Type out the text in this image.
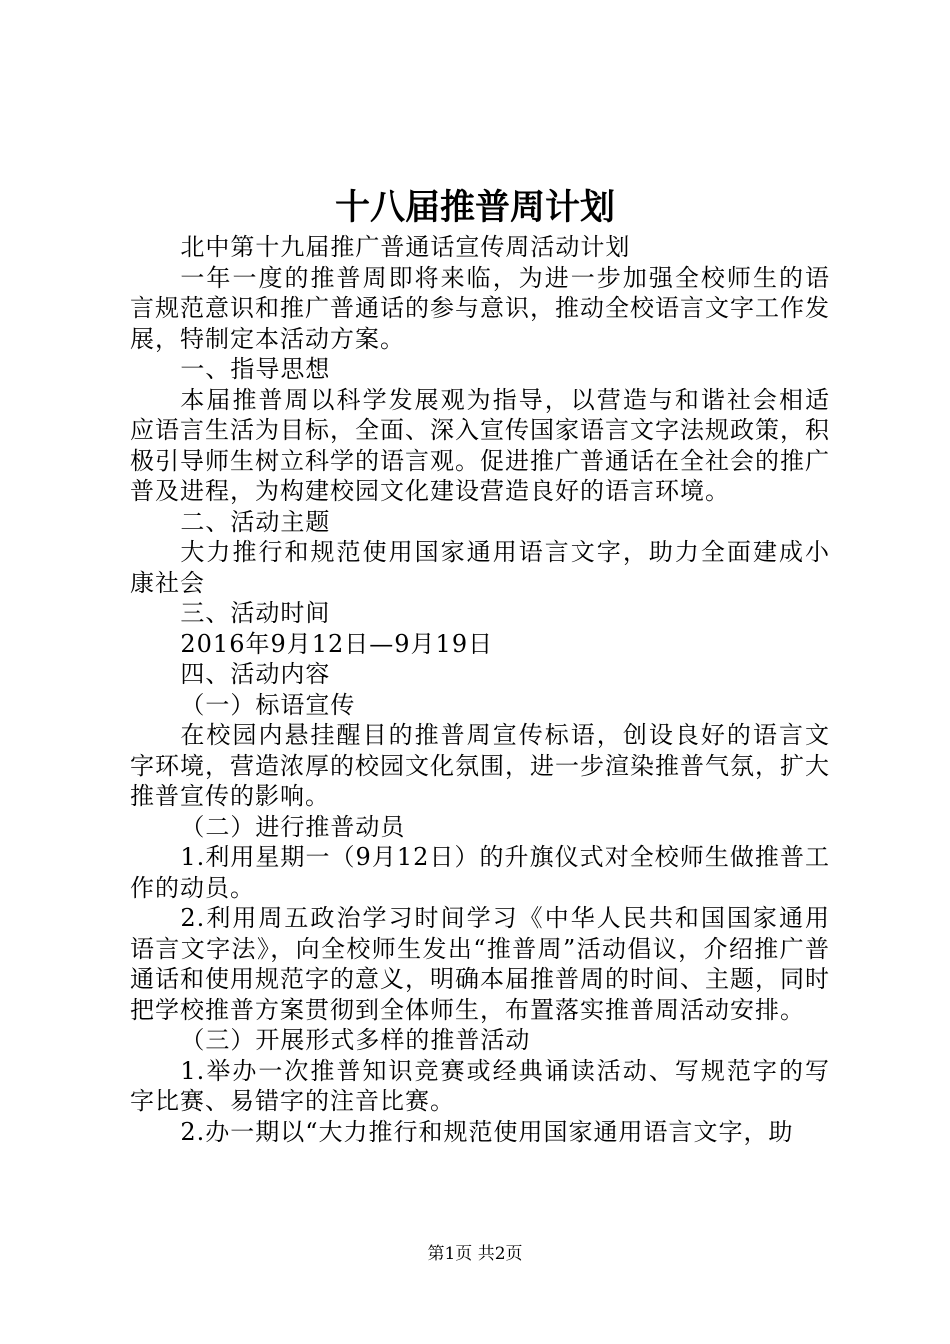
十八届推普周计划

北中第十九届推广普通话宣传周活动计划

一年一度的推普周即将来临，为进一步加强全校师生的语言规范意识和推广普通话的参与意识，推动全校语言文字工作发展，特制定本活动方案。

一、指导思想

本届推普周以科学发展观为指导，以营造与和谐社会相适应语言生活为目标，全面、深入宣传国家语言文字法规政策，积极引导师生树立科学的语言观。促进推广普通话在全社会的推广普及进程，为构建校园文化建设营造良好的语言环境。

二、活动主题

大力推行和规范使用国家通用语言文字，助力全面建成小康社会

三、活动时间

2016年9月12日—9月19日

四、活动内容

（一）标语宣传

在校园内悬挂醒目的推普周宣传标语，创设良好的语言文字环境，营造浓厚的校园文化氛围，进一步渲染推普气氛，扩大推普宣传的影响。

（二）进行推普动员

1.利用星期一（9月12日）的升旗仪式对全校师生做推普工作的动员。

2.利用周五政治学习时间学习《中华人民共和国国家通用语言文字法》，向全校师生发出“推普周”活动倡议，介绍推广普通话和使用规范字的意义，明确本届推普周的时间、主题，同时把学校推普方案贯彻到全体师生，布置落实推普周活动安排。

（三）开展形式多样的推普活动

1.举办一次推普知识竞赛或经典诵读活动、写规范字的写字比赛、易错字的注音比赛。

2.办一期以“大力推行和规范使用国家通用语言文字，助

第1页 共2页
